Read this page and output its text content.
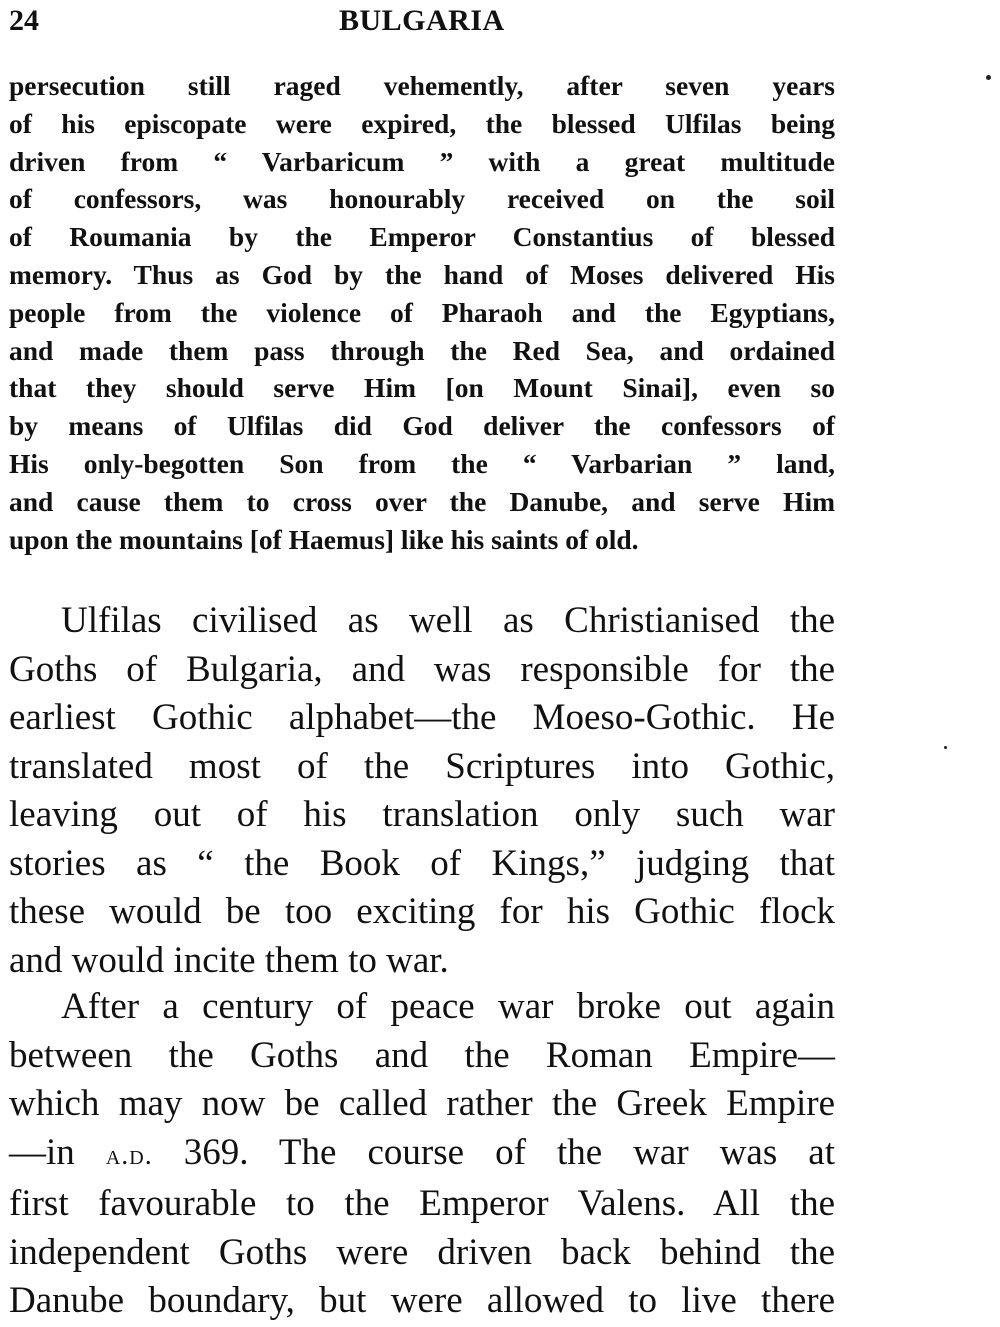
24	BULGARIA
persecution still raged vehemently, after seven years
of his episcopate were expired, the blessed Ulfilas being
driven from “ Varbaricum ” with a great multitude
of confessors, was honourably received on the soil
of Roumania by the Emperor Constantius of blessed
memory. Thus as God by the hand of Moses delivered His
people from the violence of Pharaoh and the Egyptians,
and made them pass through the Red Sea, and ordained
that they should serve Him [on Mount Sinai], even so
by means of Ulfilas did God deliver the confessors of
His only-begotten Son from the “ Varbarian ” land,
and cause them to cross over the Danube, and serve Him
upon the mountains [of Haemus] like his saints of old.
Ulfilas civilised as well as Christianised the
Goths of Bulgaria, and was responsible for the
earliest Gothic alphabet—the Moeso-Gothic. He
translated most of the Scriptures into Gothic,
leaving out of his translation only such war
stories as “ the Book of Kings,” judging that
these would be too exciting for his Gothic flock
and would incite them to war.
After a century of peace war broke out again
between the Goths and the Roman Empire—
which may now be called rather the Greek Empire
—in a.d. 369. The course of the war was at
first favourable to the Emperor Valens. All the
independent Goths were driven back behind the
Danube boundary, but were allowed to live there
